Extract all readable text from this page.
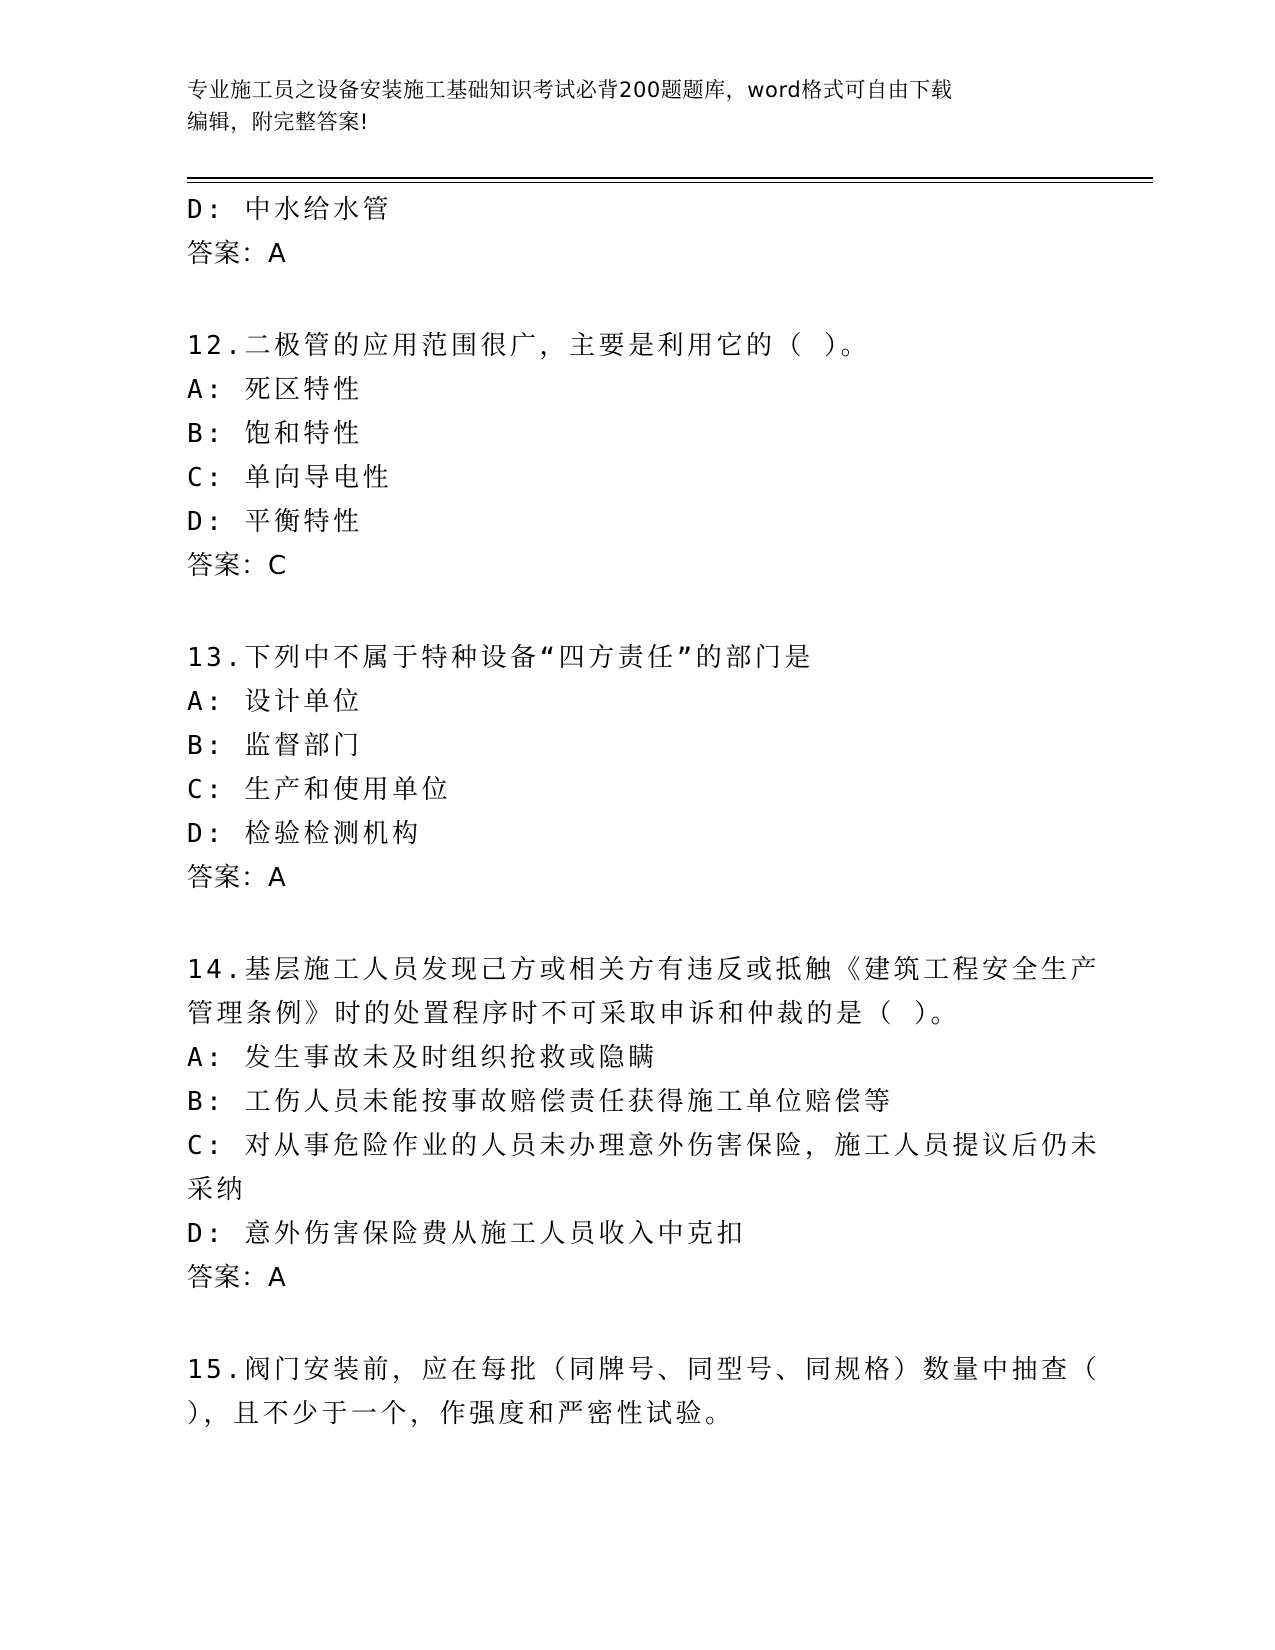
专业施工员之设备安装施工基础知识考试必背200题题库，word格式可自由下载
编辑，附完整答案!
D: 中水给水管
答案：A
12.二极管的应用范围很广，主要是利用它的（ ）。
A: 死区特性
B: 饱和特性
C: 单向导电性
D: 平衡特性
答案：C
13.下列中不属于特种设备“四方责任”的部门是
A: 设计单位
B: 监督部门
C: 生产和使用单位
D: 检验检测机构
答案：A
14.基层施工人员发现己方或相关方有违反或抵触《建筑工程安全生产
管理条例》时的处置程序时不可采取申诉和仲裁的是（ ）。
A: 发生事故未及时组织抢救或隐瞒
B: 工伤人员未能按事故赔偿责任获得施工单位赔偿等
C: 对从事危险作业的人员未办理意外伤害保险，施工人员提议后仍未
采纳
D: 意外伤害保险费从施工人员收入中克扣
答案：A
15.阀门安装前，应在每批（同牌号、同型号、同规格）数量中抽查（
），且不少于一个，作强度和严密性试验。
